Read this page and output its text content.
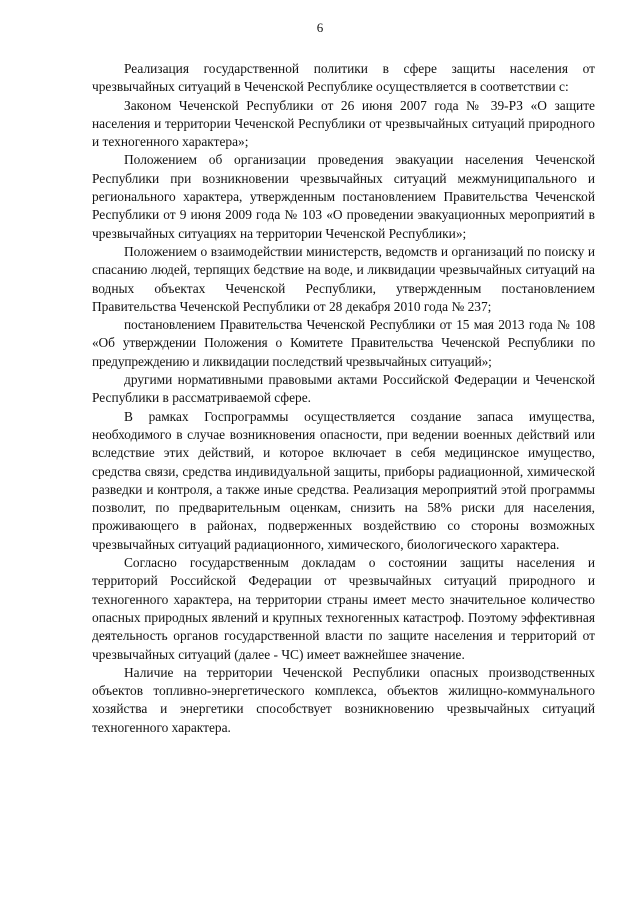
6

Реализация государственной политики в сфере защиты населения от чрезвычайных ситуаций в Чеченской Республике осуществляется в соответствии с:

Законом Чеченской Республики от 26 июня 2007 года № 39-РЗ «О защите населения и территории Чеченской Республики от чрезвычайных ситуаций природного и техногенного характера»;

Положением об организации проведения эвакуации населения Чеченской Республики при возникновении чрезвычайных ситуаций межмуниципального и регионального характера, утвержденным постановлением Правительства Чеченской Республики от 9 июня 2009 года № 103 «О проведении эвакуационных мероприятий в чрезвычайных ситуациях на территории Чеченской Республики»;

Положением о взаимодействии министерств, ведомств и организаций по поиску и спасанию людей, терпящих бедствие на воде, и ликвидации чрезвычайных ситуаций на водных объектах Чеченской Республики, утвержденным постановлением Правительства Чеченской Республики от 28 декабря 2010 года № 237;

постановлением Правительства Чеченской Республики от 15 мая 2013 года № 108 «Об утверждении Положения о Комитете Правительства Чеченской Республики по предупреждению и ликвидации последствий чрезвычайных ситуаций»;

другими нормативными правовыми актами Российской Федерации и Чеченской Республики в рассматриваемой сфере.

В рамках Госпрограммы осуществляется создание запаса имущества, необходимого в случае возникновения опасности, при ведении военных действий или вследствие этих действий, и которое включает в себя медицинское имущество, средства связи, средства индивидуальной защиты, приборы радиационной, химической разведки и контроля, а также иные средства. Реализация мероприятий этой программы позволит, по предварительным оценкам, снизить на 58% риски для населения, проживающего в районах, подверженных воздействию со стороны возможных чрезвычайных ситуаций радиационного, химического, биологического характера.

Согласно государственным докладам о состоянии защиты населения и территорий Российской Федерации от чрезвычайных ситуаций природного и техногенного характера, на территории страны имеет место значительное количество опасных природных явлений и крупных техногенных катастроф. Поэтому эффективная деятельность органов государственной власти по защите населения и территорий от чрезвычайных ситуаций (далее - ЧС) имеет важнейшее значение.

Наличие на территории Чеченской Республики опасных производственных объектов топливно-энергетического комплекса, объектов жилищно-коммунального хозяйства и энергетики способствует возникновению чрезвычайных ситуаций техногенного характера.
